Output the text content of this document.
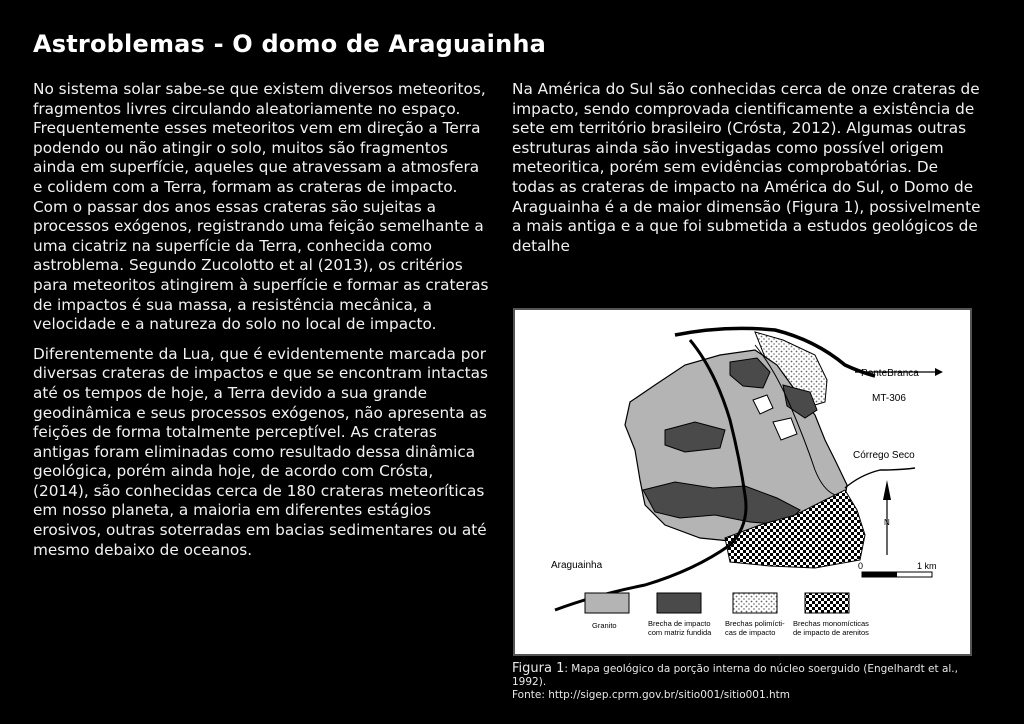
Astroblemas - O domo de Araguainha

No sistema solar sabe-se que existem diversos meteoritos, fragmentos livres circulando aleatoriamente no espaço. Frequentemente esses meteoritos vem em direção a Terra podendo ou não atingir o solo, muitos são fragmentos ainda em superfície, aqueles que atravessam a atmosfera e colidem com a Terra, formam as crateras de impacto. Com o passar dos anos essas crateras são sujeitas a processos exógenos, registrando uma feição semelhante a uma cicatriz na superfície da Terra, conhecida como astroblema. Segundo Zucolotto et al (2013), os critérios para meteoritos atingirem à superfície e formar as crateras de impactos é sua massa, a resistência mecânica, a velocidade e a natureza do solo no local de impacto.

Diferentemente da Lua, que é evidentemente marcada por diversas crateras de impactos e que se encontram intactas até os tempos de hoje, a Terra devido a sua grande geodinâmica e seus processos exógenos, não apresenta as feições de forma totalmente perceptível. As crateras antigas foram eliminadas como resultado dessa dinâmica geológica, porém ainda hoje, de acordo com Crósta, (2014), são conhecidas cerca de 180 crateras meteoríticas em nosso planeta, a maioria em diferentes estágios erosivos, outras soterradas em bacias sedimentares ou até mesmo debaixo de oceanos.

Na América do Sul são conhecidas cerca de onze crateras de impacto, sendo comprovada cientificamente a existência de sete em território brasileiro (Crósta, 2012). Algumas outras estruturas ainda são investigadas como possível origem meteoritica, porém sem evidências comprobatórias. De todas as crateras de impacto na América do Sul, o Domo de Araguainha é a de maior dimensão (Figura 1), possivelmente a mais antiga e a que foi submetida a estudos geológicos de detalhe

PonteBranca
MT-306
Córrego Seco
Araguainha
N
0	1 km
Granito	Brecha de impacto
com matriz fundida
Brechas polimícti-
cas de impacto
Brechas monomícticas
de impacto de arenitos
Figura 1: Mapa geológico da porção interna do núcleo soerguido (Engelhardt et al., 1992).
Fonte: http://sigep.cprm.gov.br/sitio001/sitio001.htm
